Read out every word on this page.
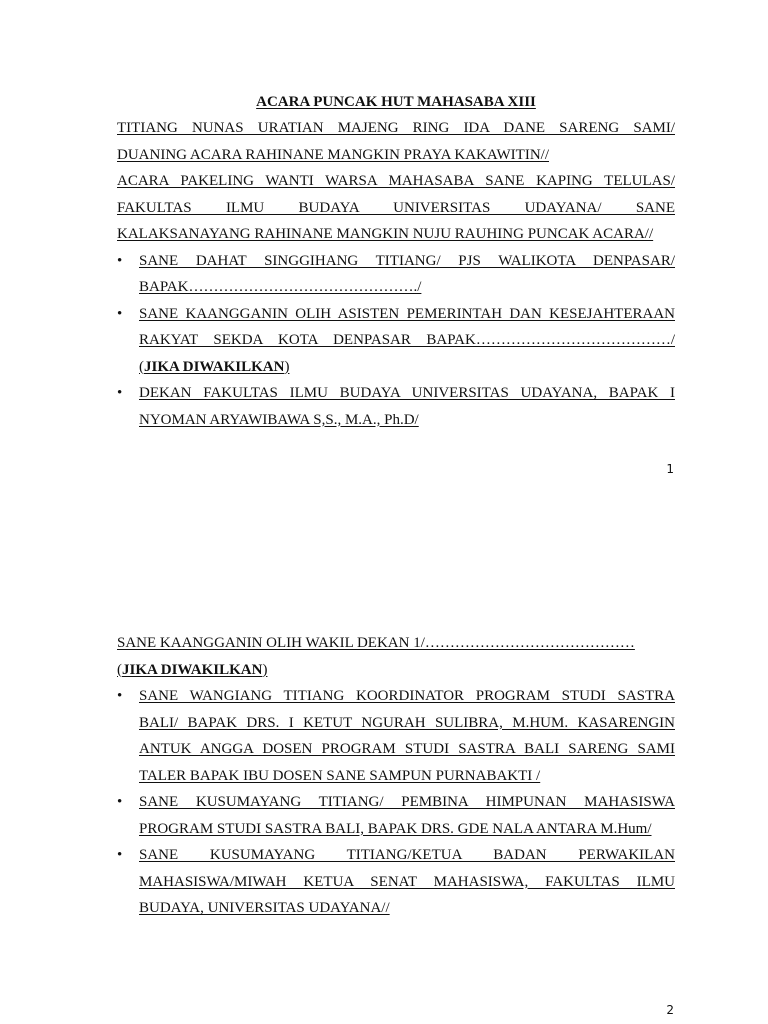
ACARA PUNCAK HUT MAHASABA XIII
TITIANG NUNAS URATIAN MAJENG RING IDA DANE SARENG SAMI/
DUANING ACARA RAHINANE MANGKIN PRAYA KAKAWITIN//
ACARA PAKELING WANTI WARSA MAHASABA SANE KAPING TELULAS/
FAKULTAS ILMU BUDAYA UNIVERSITAS UDAYANA/ SANE
KALAKSANAYANG RAHINANE MANGKIN NUJU RAUHING PUNCAK ACARA//
• SANE DAHAT SINGGIHANG TITIANG/ PJS WALIKOTA DENPASAR/
BAPAK………………………………………./
• SANE KAANGGANIN OLIH ASISTEN PEMERINTAH DAN KESEJAHTERAAN
RAKYAT SEKDA KOTA DENPASAR BAPAK…………………………………/
(JIKA DIWAKILKAN)
• DEKAN FAKULTAS ILMU BUDAYA UNIVERSITAS UDAYANA, BAPAK I
NYOMAN ARYAWIBAWA S,S., M.A., Ph.D/
1
SANE KAANGGANIN OLIH WAKIL DEKAN 1/……………………………………
(JIKA DIWAKILKAN)
• SANE WANGIANG TITIANG KOORDINATOR PROGRAM STUDI SASTRA
BALI/ BAPAK DRS. I KETUT NGURAH SULIBRA, M.HUM. KASARENGIN
ANTUK ANGGA DOSEN PROGRAM STUDI SASTRA BALI SARENG SAMI
TALER BAPAK IBU DOSEN SANE SAMPUN PURNABAKTI /
• SANE KUSUMAYANG TITIANG/ PEMBINA HIMPUNAN MAHASISWA
PROGRAM STUDI SASTRA BALI, BAPAK DRS. GDE NALA ANTARA M.Hum/
• SANE KUSUMAYANG TITIANG/KETUA BADAN PERWAKILAN
MAHASISWA/MIWAH KETUA SENAT MAHASISWA, FAKULTAS ILMU
BUDAYA, UNIVERSITAS UDAYANA//
2
